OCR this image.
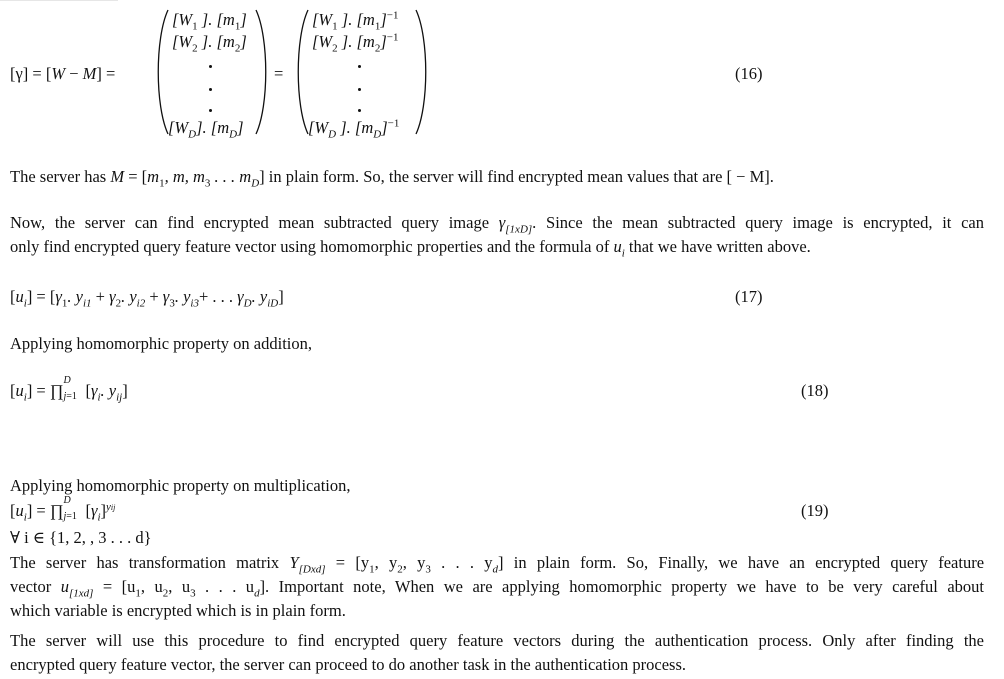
[γ] = [W − M] =
[$W_1$ ]. $[m_1]$
[$W_2$ ]. $[m_2]$
$[W_D]$. $[m_D]$
=
[$W_1$ ]. $[m_1]^{-1}$
[$W_2$ ]. $[m_2]^{-1}$
[$W_D$ ]. $[m_D]^{-1}$
(16)
The server has $M = [m_1$, m, $m_3$ . . . $m_D$] in plain form. So, the server will find encrypted mean values that are [ − M].
Now, the server can find encrypted mean subtracted query image $\gamma_{[1xD]}$. Since the mean subtracted query image is encrypted, it can
only find encrypted query feature vector using homomorphic properties and the formula of $u_i$ that we have written above.
$[u_i] = [\gamma_1$. $y_{i1} + \gamma_2$. $y_{i2} + \gamma_3$. $y_{i3}+$ . . . $\gamma_D$. $y_{iD}$]	(17)
Applying homomorphic property on addition,
$[u_i]$ = ∏
D
j=1 [$\gamma_i$. $y_{ij}$]	(18)
Applying homomorphic property on multiplication,
$[u_i]$ = ∏
D
j=1 $[\gamma_i]^{yij}$	(19)
∀ i ∈ {1, 2, , 3 . . . d}
The server has transformation matrix $Y_{[Dxd]} = [y_1$, $y_2$, $y_3$ . . . $y_d$] in plain form. So, Finally, we have an encrypted query feature
vector $u_{[1xd]} = [u_1$, $u_2$, $u_3$ . . . $u_d$]. Important note, When we are applying homomorphic property we have to be very careful about
which variable is encrypted which is in plain form.
The server will use this procedure to find encrypted query feature vectors during the authentication process. Only after finding the
encrypted query feature vector, the server can proceed to do another task in the authentication process.
